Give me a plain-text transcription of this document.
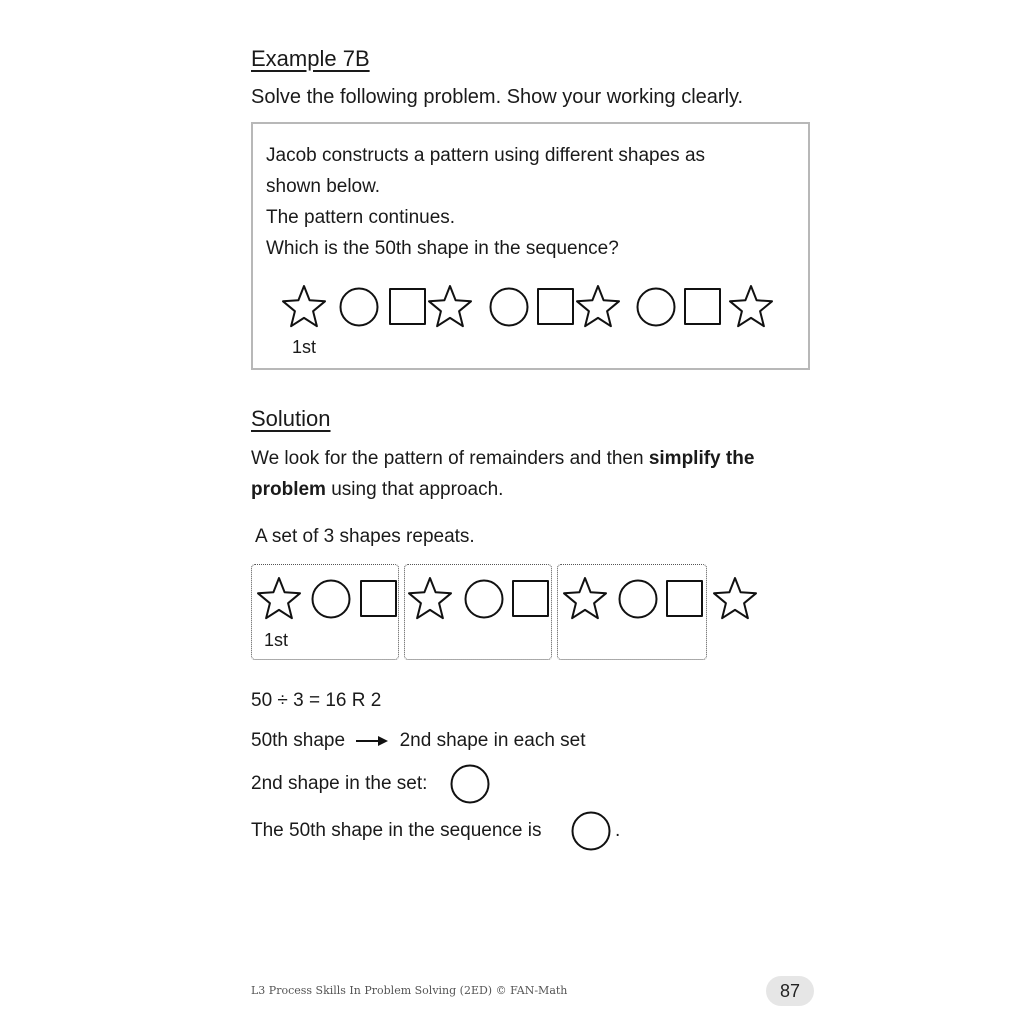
Example 7B
Solve the following problem. Show your working clearly.
Jacob constructs a pattern using different shapes as
shown below.
The pattern continues.
Which is the 50th shape in the sequence?
1st
Solution
We look for the pattern of remainders and then simplify the
problem using that approach.
A set of 3 shapes repeats.
1st
50 ÷ 3 = 16 R 2
50th shape	2nd shape in each set
2nd shape in the set:
The 50th shape in the sequence is	.
L3 Process Skills In Problem Solving (2ED) © FAN-Math	87
